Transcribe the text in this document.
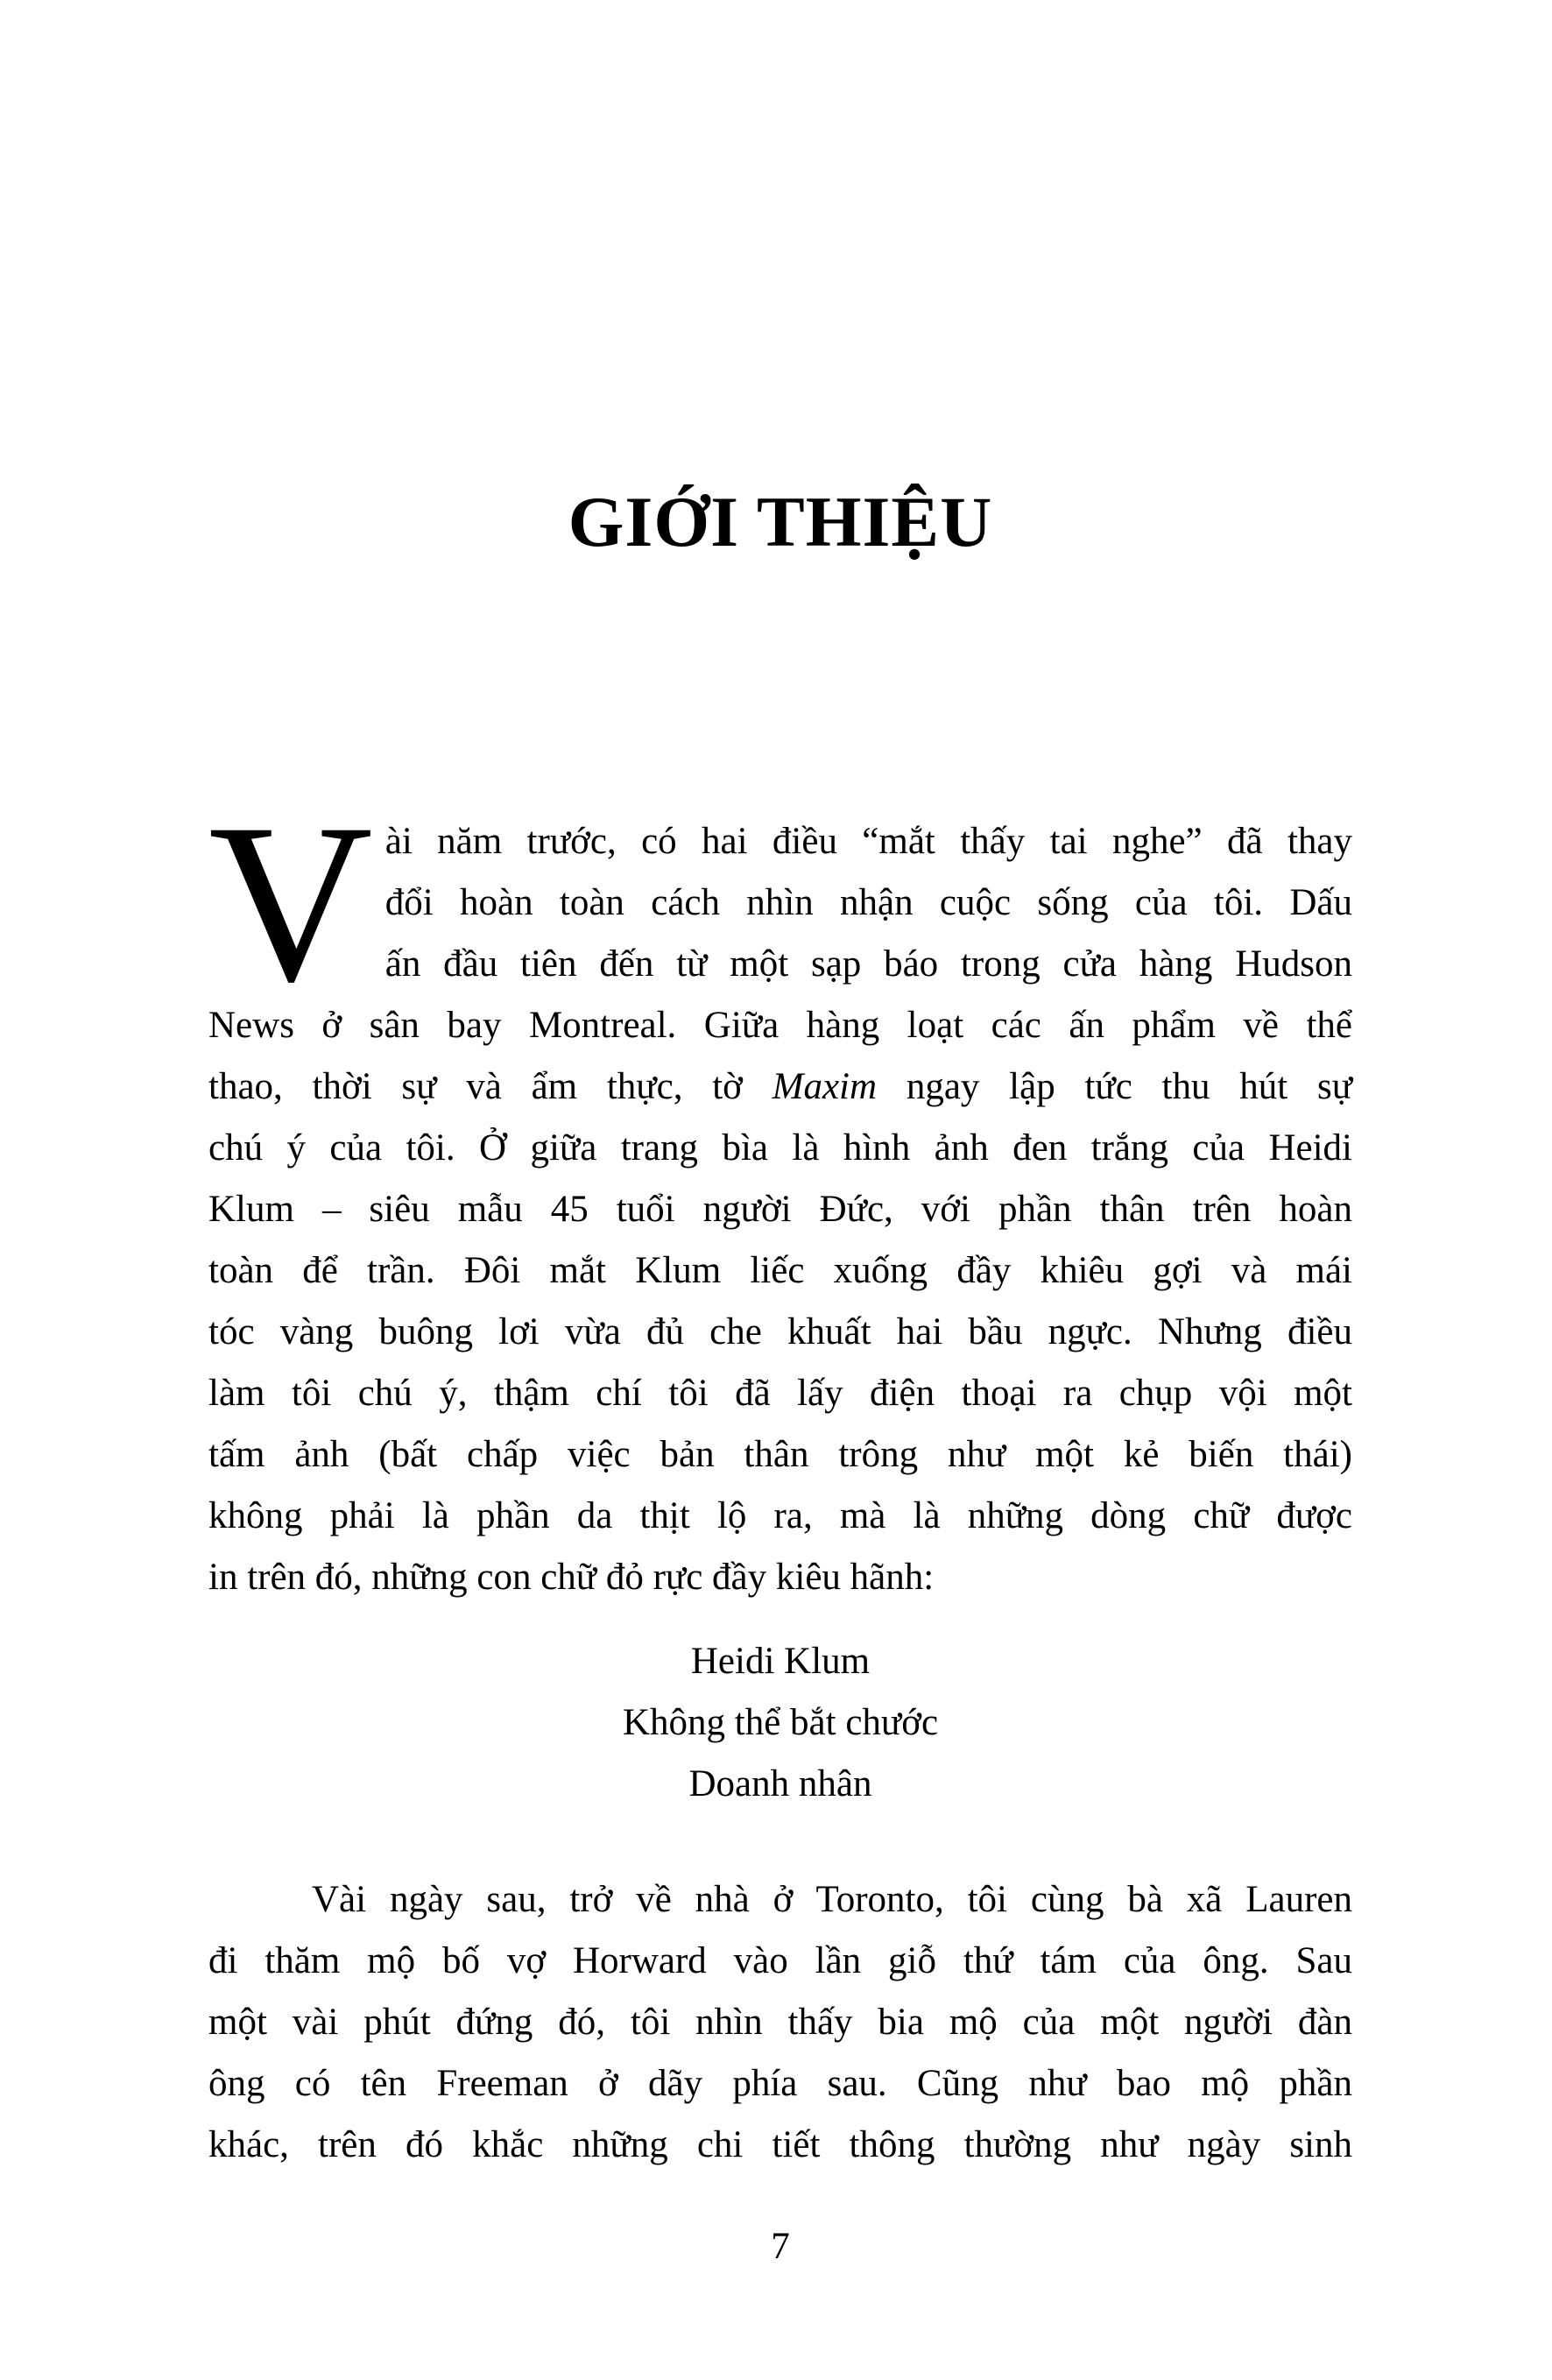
GIỚI THIỆU
V ài năm trước, có hai điều “mắt thấy tai nghe” đã thay
đổi hoàn toàn cách nhìn nhận cuộc sống của tôi. Dấu
ấn đầu tiên đến từ một sạp báo trong cửa hàng Hudson
News ở sân bay Montreal. Giữa hàng loạt các ấn phẩm về thể
thao, thời sự và ẩm thực, tờ Maxim ngay lập tức thu hút sự
chú ý của tôi. Ở giữa trang bìa là hình ảnh đen trắng của Heidi
Klum – siêu mẫu 45 tuổi người Đức, với phần thân trên hoàn
toàn để trần. Đôi mắt Klum liếc xuống đầy khiêu gợi và mái
tóc vàng buông lơi vừa đủ che khuất hai bầu ngực. Nhưng điều
làm tôi chú ý, thậm chí tôi đã lấy điện thoại ra chụp vội một
tấm ảnh (bất chấp việc bản thân trông như một kẻ biến thái)
không phải là phần da thịt lộ ra, mà là những dòng chữ được
in trên đó, những con chữ đỏ rực đầy kiêu hãnh:
Heidi Klum
Không thể bắt chước
Doanh nhân
Vài ngày sau, trở về nhà ở Toronto, tôi cùng bà xã Lauren
đi thăm mộ bố vợ Horward vào lần giỗ thứ tám của ông. Sau
một vài phút đứng đó, tôi nhìn thấy bia mộ của một người đàn
ông có tên Freeman ở dãy phía sau. Cũng như bao mộ phần
khác, trên đó khắc những chi tiết thông thường như ngày sinh
7
